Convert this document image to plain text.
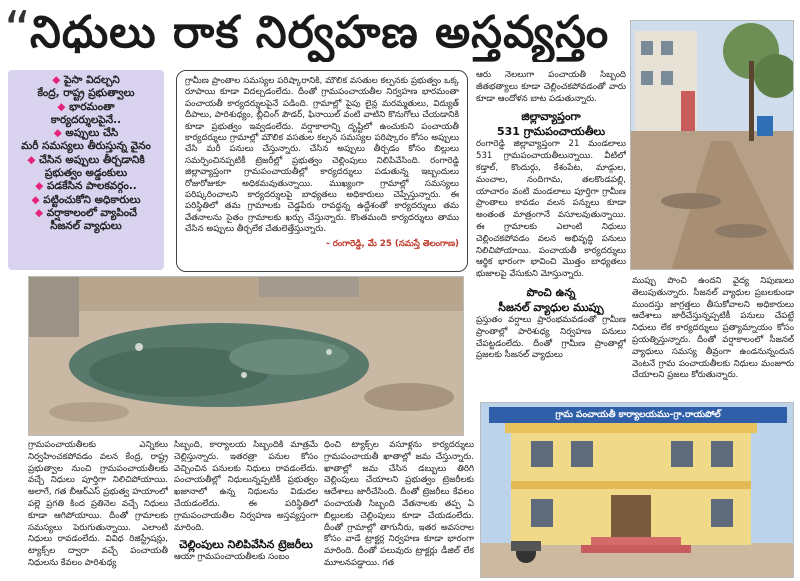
“ నిధులు రాక నిర్వహణ అస్తవ్యస్తం
◆ పైసా విదల్చని
కేంద్ర, రాష్ట్ర ప్రభుత్వాలు
◆ భారమంతా
కార్యదర్శులపైనే..
◆ అప్పులు చేసి
మరీ సమస్యలు తీరుస్తున్న వైనం
◆ చేసిన అప్పులు తీర్చడానికి
ప్రభుత్వం అడ్డంకులు
◆ పడకేసిన పాలకవర్గం..
◆ పట్టించుకోని అధికారులు
◆ వర్షాకాలంలో వ్యాపించే
సీజనల్ వ్యాధులు
గ్రామీణ ప్రాంతాల సమస్యల పరిష్కారానికి, మౌలిక వసతుల కల్పనకు ప్రభుత్వం ఒక్క రూపాయి కూడా విదల్చడంలేదు. దీంతో గ్రామపంచాయతీల నిర్వహణ భారమంతా పంచాయతీ కార్యదర్శులపైనే పడింది. గ్రామాల్లో పైపు లైన్ల మరమ్మతులు, విద్యుత్ దీపాలు, పారిశుధ్యం, బ్లీచింగ్ పౌడర్, ఫినాయిల్ వంటి వాటిని కొనుగోలు చేయడానికి కూడా ప్రభుత్వం ఇవ్వడంలేదు. వర్షాకాలాన్ని దృష్టిలో ఉంచుకుని పంచాయతీ కార్యదర్శులు గ్రామాల్లో మౌలిక వసతుల కల్పన సమస్యల పరిష్కారం కోసం అప్పులు చేసి మరీ పనులు చేస్తున్నారు. చేసిన అప్పులు తీర్చడం కోసం బిల్లులు సమర్పించినప్పటికీ ట్రెజరీల్లో ప్రభుత్వం చెల్లింపులు నిలిపివేసింది. రంగారెడ్డి జిల్లావ్యాప్తంగా గ్రామపంచాయతీల్లో కార్యదర్శులు పడుతున్న ఇబ్బందులు రోజురోజుకూ అధికమవుతున్నాయి. ముఖ్యంగా గ్రామాల్లో సమస్యలు పరిష్కరించాలని కార్యదర్శులపై బాధ్యతలు అధికారులు చెప్పేస్తున్నారు. ఈ పరిస్థితిలో తమ గ్రామాలకు చెడ్డపేరు రావద్దన్న ఉద్దేశంతో కార్యదర్శులు తమ వేతనాలను సైతం గ్రామాలకు ఖర్చు చేస్తున్నారు. కొంతమంది కార్యదర్శులు తాము చేసిన అప్పులు తీర్చలేక చేతులెత్తేస్తున్నారు.
- రంగారెడ్డి, మే 25 (నమస్తే తెలంగాణ)
ఆరు నెలలుగా పంచాయతీ సిబ్బంది జీతభత్యాలు కూడా చెల్లించకపోవడంతో వారు కూడా ఆందోళన బాట పడుతున్నారు.
జిల్లావ్యాప్తంగా
531 గ్రామపంచాయతీలు
రంగారెడ్డి జిల్లావ్యాప్తంగా 21 మండలాలు 531 గ్రామపంచాయతీలున్నాయి. వీటిలో కడ్తాల్, కొందుర్గు, కేశంపేట, మాడ్గుల, మంచాల, నందిగామ, తలకొండపల్లి, యాచారం వంటి మండలాలు పూర్తిగా గ్రామీణ ప్రాంతాలు కావడం వలన పన్నులు కూడా అంతంత మాత్రంగానే వసూలవుతున్నాయి. ఈ గ్రామాలకు ఎలాంటి నిధులు చెల్లించకపోవడం వలన అభివృద్ధి పనులు నిలిచిపోయాయి. పంచాయతీ కార్యదర్శులు ఆర్థిక భారంగా భావించి మొత్తం బాధ్యతలు భుజాలపై వేసుకుని మోస్తున్నారు.
పొంచి ఉన్న
సీజనల్ వ్యాధుల ముప్పు
ప్రస్తుతం వర్షాలు ప్రారంభమవడంతో గ్రామీణ ప్రాంతాల్లో పారిశుధ్య నిర్వహణ పనులు చేపట్టడంలేదు. దీంతో గ్రామీణ ప్రాంతాల్లో ప్రజలకు సీజనల్ వ్యాధులు
ముప్పు పొంచి ఉందని వైద్య నిపుణులు తెలుపుతున్నారు. సీజనల్ వ్యాధుల ప్రబలకుండా ముందస్తు జాగ్రత్తలు తీసుకోవాలని అధికారులు ఆదేశాలు జారీచేస్తున్నప్పటికీ పనులు చేపట్టే నిధులు లేక కార్యదర్శులు ప్రత్యామ్నాయం కోసం ప్రయత్నిస్తున్నారు. దీంతో వర్షాకాలంలో సీజనల్ వ్యాధులు సమస్య తీవ్రంగా ఉండనున్నందున వెంటనే గ్రామ పంచాయతీలకు నిధులు మంజూరు చేయాలని ప్రజలు కోరుతున్నారు.
గ్రామపంచాయతీలకు ఎన్నికలు నిర్వహించకపోవడం వలన కేంద్ర, రాష్ట్ర ప్రభుత్వాల నుంచి గ్రామపంచాయతీలకు వచ్చే నిధులు పూర్తిగా నిలిచిపోయాయి. అలాగే, గత బీఆర్ఎస్ ప్రభుత్వ హయాంలో పల్లె ప్రగతి కింద ప్రతినెల వచ్చే నిధులు కూడా ఆగిపోయాయి. దీంతో గ్రామాలకు సమస్యలు పెరుగుతున్నాయి. ఎలాంటి నిధులు రావడంలేదు. వివిధ రిజిస్ట్రేషన్లు, ట్యాక్స్‌ల ద్వారా వచ్చే పంచాయతీ నిధులను కేవలం పారిశుధ్య
సిబ్బంది, కార్యాలయ సిబ్బందికి మాత్రమే చెల్లిస్తున్నారు. ఇతరత్రా పనుల కోసం వెచ్చించిన పనులకు నిధులు రావడంలేదు. పంచాయతీల్లో నిధులున్నప్పటికీ ప్రభుత్వం ఖజానాలో ఉన్న నిధులను విడుదల చేయడంలేదు. ఈ పరిస్థితిలో గ్రామపంచాయతీల నిర్వహణ అస్తవ్యస్తంగా మారింది.
చెల్లింపులు నిలిపివేసిన ట్రెజరీలు
ఆయా గ్రామపంచాయతీలకు సంబం
ధించి ట్యాక్స్‌ల వసూళ్లను కార్యదర్శులు గ్రామపంచాయతీ ఖాతాల్లో జమ చేస్తున్నారు. ఖాతాల్లో జమ చేసిన డబ్బులు తిరిగి చెల్లింపులు చేయాలని ప్రభుత్వం ట్రెజరీలకు ఆదేశాలు జారీచేసింది. దీంతో ట్రెజరీలు కేవలం పంచాయతీ సిబ్బంది వేతనాలకు తప్ప ఏ బిల్లులకు చెల్లింపులు కూడా చేయడంలేదు. దీంతో గ్రామాల్లో తాగునీరు, ఇతర అవసరాల కోసం వాడే ట్రాక్టర్ల నిర్వహణ కూడా భారంగా మారింది. దీంతో పలువురు ట్రాక్టర్లు డీజిల్ లేక మూలనపడ్డాయి. గత
గ్రామ పంచాయతీ కార్యాలయము-గ్రా.రాయపోల్
